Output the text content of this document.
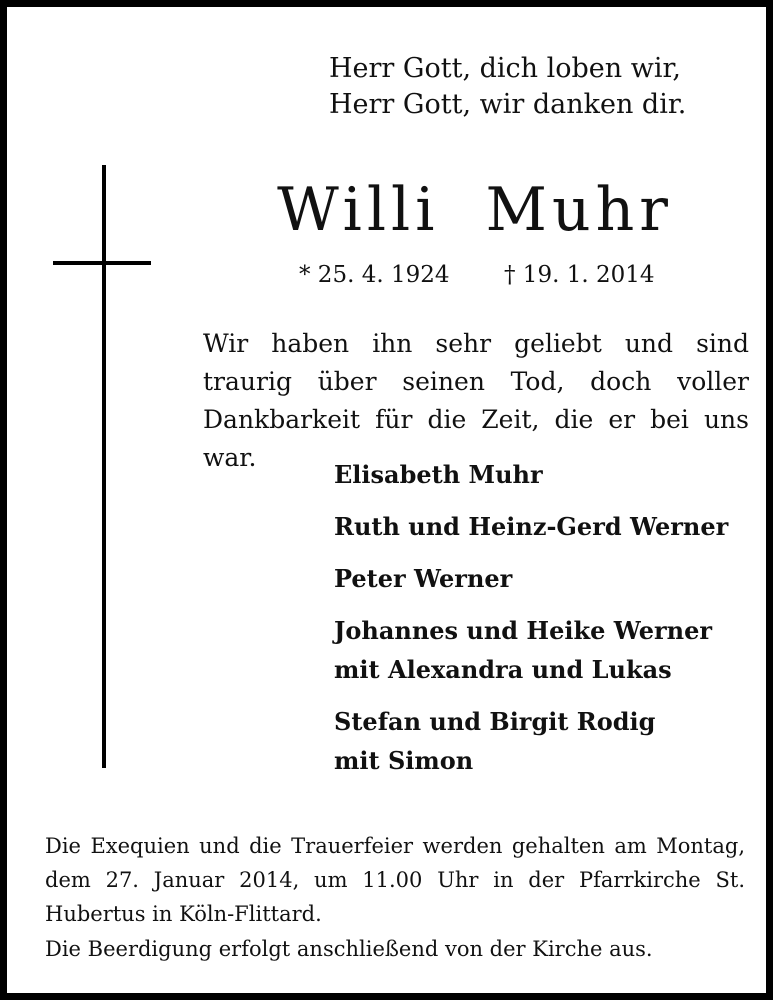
Herr Gott, dich loben wir,
Herr Gott, wir danken dir.
Willi Muhr
* 25. 4. 1924 † 19. 1. 2014
Wir haben ihn sehr geliebt und sind traurig über seinen Tod, doch voller Dankbarkeit für die Zeit, die er bei uns war.
Elisabeth Muhr
Ruth und Heinz-Gerd Werner
Peter Werner
Johannes und Heike Werner
mit Alexandra und Lukas
Stefan und Birgit Rodig
mit Simon
Die Exequien und die Trauerfeier werden gehalten am Montag, dem 27. Januar 2014, um 11.00 Uhr in der Pfarrkirche St. Hubertus in Köln-Flittard.
Die Beerdigung erfolgt anschließend von der Kirche aus.
